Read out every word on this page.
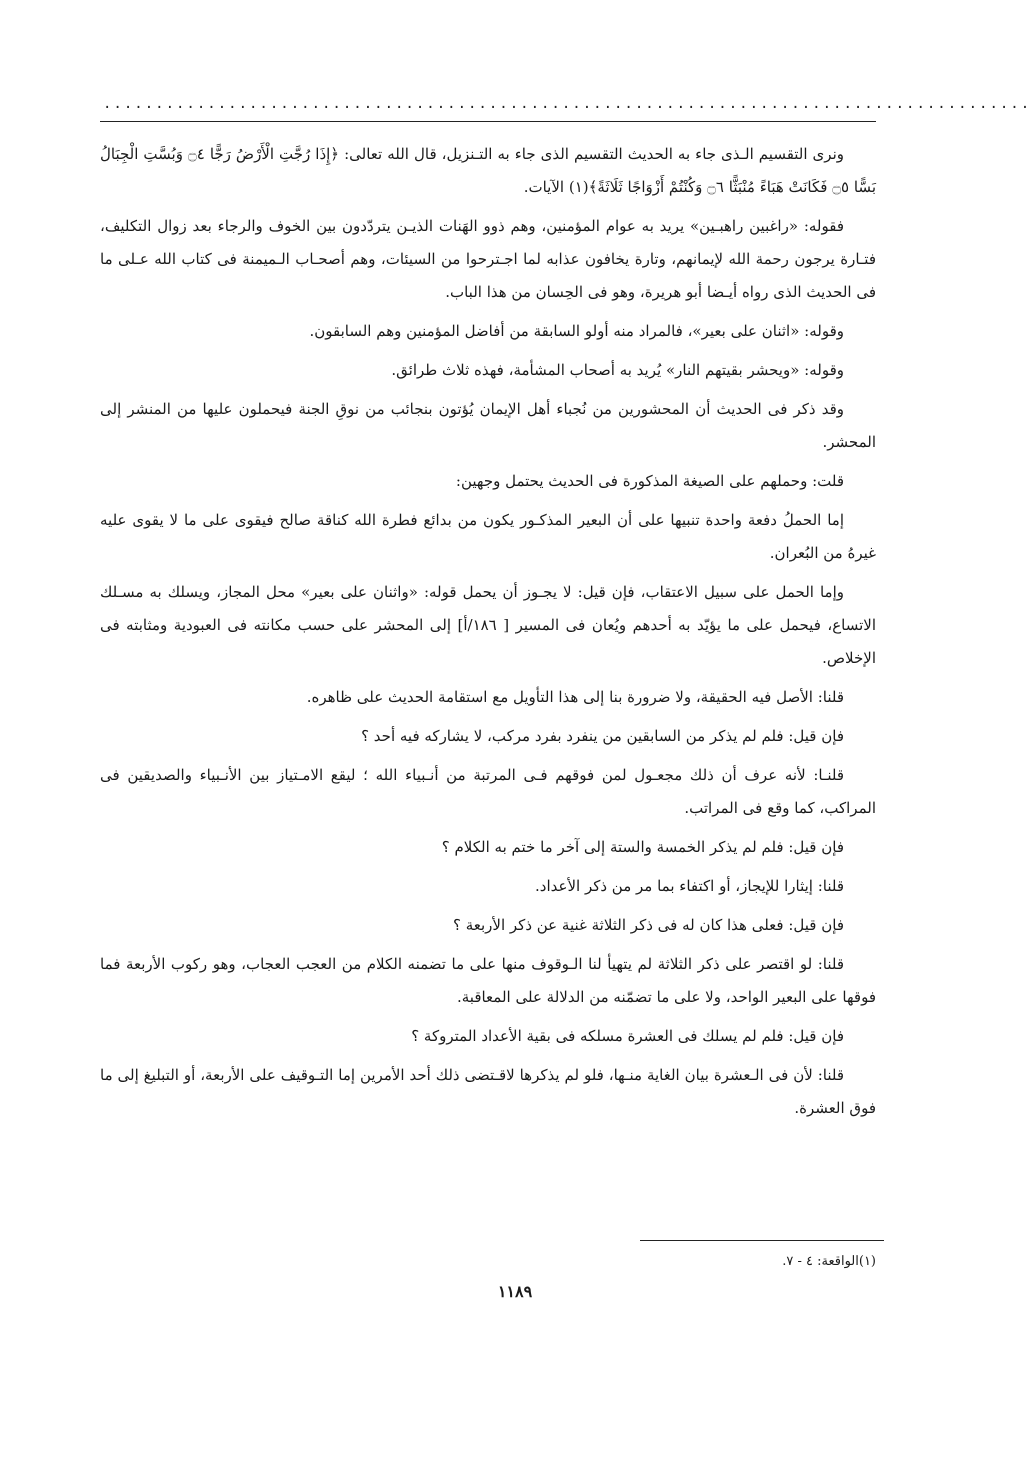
.........................................................................................

ونرى التقسيم الـذى جاء به الحديث التقسيم الذى جاء به التـنزيل، قال الله تعالى: ﴿إِذَا رُجَّتِ الْأَرْضُ رَجًّا ۝٤ وَبُسَّتِ الْجِبَالُ بَسًّا ۝٥ فَكَانَتْ هَبَاءً مُنْبَثًّا ۝٦ وَكُنْتُمْ أَزْوَاجًا ثَلَاثَةً﴾(١) الآيات.

فقوله: «راغبين راهبـين» يريد به عوام المؤمنين، وهم ذوو الهَنات الذيـن يتردّدون بين الخوف والرجاء بعد زوال التكليف، فتـارة يرجون رحمة الله لإيمانهم، وتارة يخافون عذابه لما اجـترحوا من السيئات، وهم أصحـاب الـميمنة فى كتاب الله عـلى ما فى الحديث الذى رواه أيـضا أبو هريرة، وهو فى الحِسان من هذا الباب.

وقوله: «اثنان على بعير»، فالمراد منه أولو السابقة من أفاضل المؤمنين وهم السابقون.

وقوله: «ويحشر بقيتهم النار» يُريد به أصحاب المشأمة، فهذه ثلاث طرائق.

وقد ذكر فى الحديث أن المحشورين من نُجباء أهل الإيمان يُؤتون بنجائب من نوقِ الجنة فيحملون عليها من المنشر إلى المحشر.

قلت: وحملهم على الصيغة المذكورة فى الحديث يحتمل وجهين:

إما الحملُ دفعة واحدة تنبيها على أن البعير المذكـور يكون من بدائع فطرة الله كناقة صالح فيقوى على ما لا يقوى عليه غيرهُ من البُعران.

وإما الحمل على سبيل الاعتقاب، فإن قيل: لا يجـوز أن يحمل قوله: «واثنان على بعير» محل المجاز، ويسلك به مسـلك الاتساع، فيحمل على ما يؤيّد به أحدهم ويُعان فى المسير [ ١٨٦/أ] إلى المحشر على حسب مكانته فى العبودية ومثابته فى الإخلاص.

قلنا: الأصل فيه الحقيقة، ولا ضرورة بنا إلى هذا التأويل مع استقامة الحديث على ظاهره.

فإن قيل: فلم لم يذكر من السابقين من ينفرد بفرد مركب، لا يشاركه فيه أحد ؟

قلنـا: لأنه عرف أن ذلك مجعـول لمن فوقهم فـى المرتبة من أنـبياء الله ؛ ليقع الامـتياز بين الأنـبياء والصديقين فى المراكب، كما وقع فى المراتب.

فإن قيل: فلم لم يذكر الخمسة والستة إلى آخر ما ختم به الكلام ؟

قلنا: إيثارا للإيجاز، أو اكتفاء بما مر من ذكر الأعداد.

فإن قيل: فعلى هذا كان له فى ذكر الثلاثة غنية عن ذكر الأربعة ؟

قلنا: لو اقتصر على ذكر الثلاثة لم يتهيأ لنا الـوقوف منها على ما تضمنه الكلام من العجب العجاب، وهو ركوب الأربعة فما فوقها على البعير الواحد، ولا على ما تضمّنه من الدلالة على المعاقبة.

فإن قيل: فلم لم يسلك فى العشرة مسلكه فى بقية الأعداد المتروكة ؟

قلنا: لأن فى الـعشرة بيان الغاية منـها، فلو لم يذكرها لاقـتضى ذلك أحد الأمرين إما التـوقيف على الأربعة، أو التبليغ إلى ما فوق العشرة.

(١)الواقعة: ٤ - ٧.
١١٨٩
